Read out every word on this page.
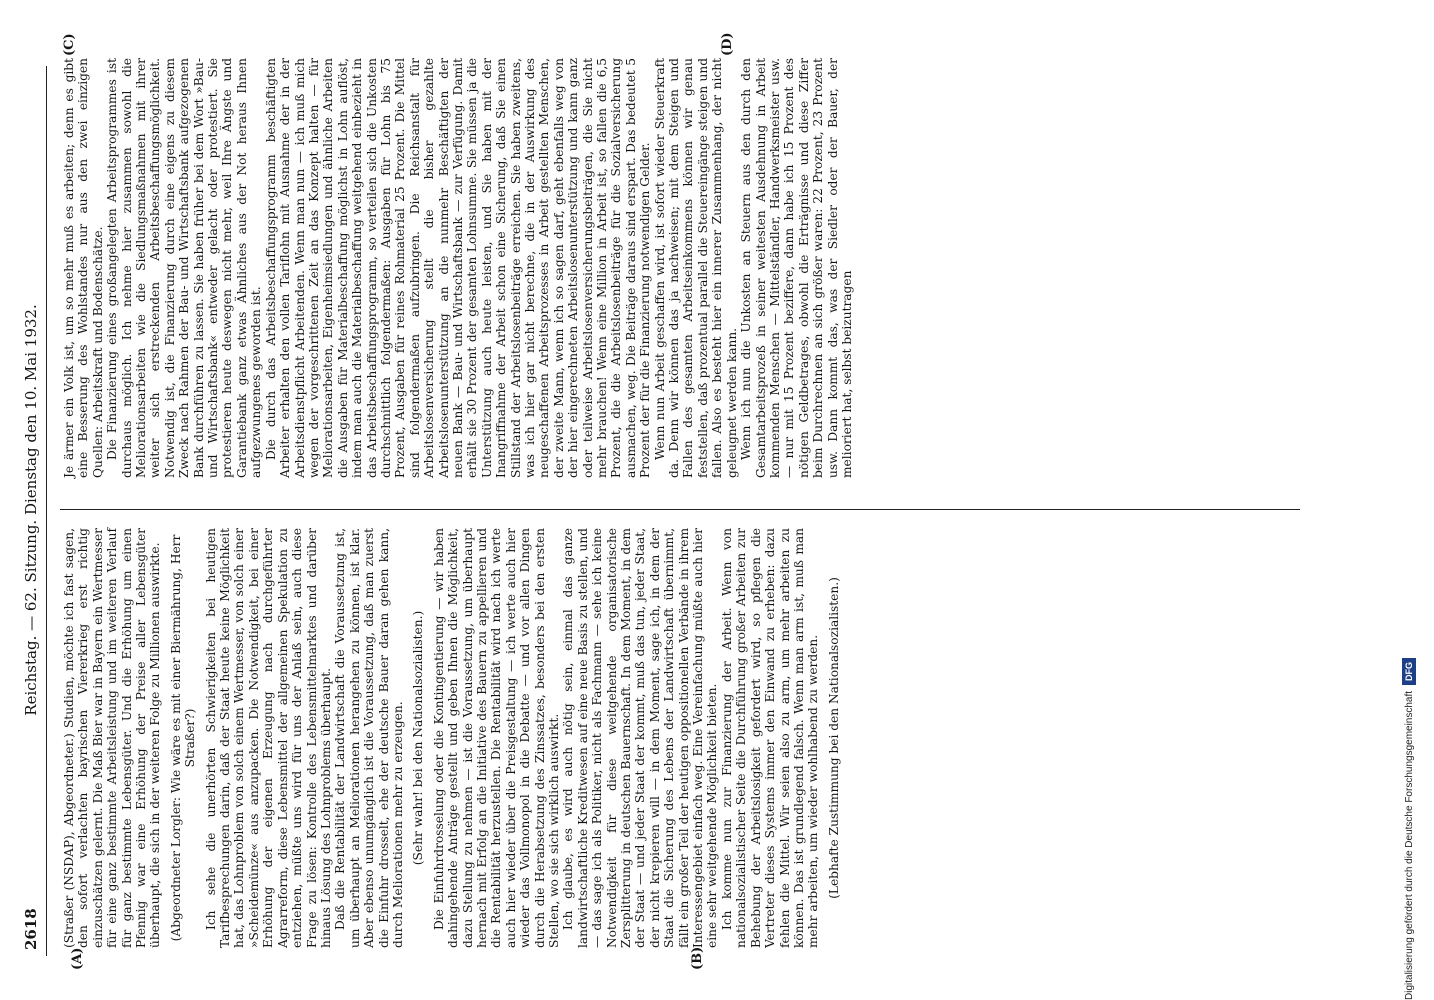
2618
Reichstag. — 62. Sitzung. Dienstag den 10. Mai 1932.
(A)	(B)
(C)	(D)

(Straßer (NSDAP), Abgeordneter.) Studien, möchte ich fast sagen, den sofort verlachten bayrischen Viererkrieg erst richtig einzuschätzen gelernt. Die Maß Bier war in Bayern ein Wertmesser für eine ganz bestimmte Arbeitsleistung und im weiteren Verlauf für ganz bestimmte Lebensgüter. Und die Erhöhung um einen Pfennig war eine Erhöhung der Preise aller Lebensgüter überhaupt, die sich in der weiteren Folge zu Millionen auswirkte. (Abgeordneter Lorgler: Wie wäre es mit einer Biermährung, Herr Straßer?) Ich sehe die unerhörten Schwierigkeiten bei heutigen Tarifbesprechungen darin, daß der Staat heute keine Möglichkeit hat, das Lohnproblem von solch einem Wertmesser, von solch einer »Scheidemünze« aus anzupacken. Die Notwendigkeit, bei einer Erhöhung der eigenen Erzeugung nach durchgeführter Agrarreform, diese Lebensmittel der allgemeinen Spekulation zu entziehen, müßte uns wird für uns der Anlaß sein, auch diese Frage zu lösen: Kontrolle des Lebensmittelmarktes und darüber hinaus Lösung des Lohnproblems überhaupt. Daß die Rentabilität der Landwirtschaft die Voraussetzung ist, um überhaupt an Meliorationen herangehen zu können, ist klar. Aber ebenso unumgänglich ist die Voraussetzung, daß man zuerst die Einfuhr drosselt, ehe der deutsche Bauer daran gehen kann, durch Meliorationen mehr zu erzeugen. (Sehr wahr! bei den Nationalsozialisten.) Die Einfuhrdrosselung oder die Kontingentierung — wir haben dahingehende Anträge gestellt und geben Ihnen die Möglichkeit, dazu Stellung zu nehmen — ist die Voraussetzung, um überhaupt hernach mit Erfolg an die Initiative des Bauern zu appellieren und die Rentabilität herzustellen. Die Rentabilität wird nach ich werte auch hier wieder über die Preisgestaltung — ich werte auch hier wieder das Vollmonopol in die Debatte — und vor allen Dingen durch die Herabsetzung des Zinssatzes, besonders bei den ersten Stellen, wo sie sich wirklich auswirkt. Ich glaube, es wird auch nötig sein, einmal das ganze landwirtschaftliche Kreditwesen auf eine neue Basis zu stellen, und — das sage ich als Politiker, nicht als Fachmann — sehe ich keine Notwendigkeit für diese weitgehende organisatorische Zersplitterung in deutschen Bauernschaft. In dem Moment, in dem der Staat — und jeder Staat der kommt, muß das tun, jeder Staat, der nicht krepieren will — in dem Moment, sage ich, in dem der Staat die Sicherung des Lebens der Landwirtschaft übernimmt, fällt ein großer Teil der heutigen oppositionellen Verbände in ihrem Interessengebiet einfach weg. Eine Vereinfachung müßte auch hier eine sehr weitgehende Möglichkeit bieten. Ich komme nun zur Finanzierung der Arbeit. Wenn von nationalsozialistischer Seite die Durchführung großer Arbeiten zur Behebung der Arbeitslosigkeit gefordert wird, so pflegen die Vertreter dieses Systems immer den Einwand zu erheben: dazu fehlen die Mittel. Wir seien also zu arm, um mehr arbeiten zu können. Das ist grundlegend falsch. Wenn man arm ist, muß man mehr arbeiten, um wieder wohlhabend zu werden. (Lebhafte Zustimmung bei den Nationalsozialisten.)

Je ärmer ein Volk ist, um so mehr muß es arbeiten; denn es gibt eine Besserung des Wohlstandes nur aus den zwei einzigen Quellen: Arbeitskraft und Bodenschätze. Die Finanzierung eines großangelegten Arbeitsprogrammes ist durchaus möglich. Ich nehme hier zusammen sowohl die Meliorationsarbeiten wie die Siedlungsmaßnahmen mit ihrer weiter sich erstreckenden Arbeitsbeschaffungsmöglichkeit. Notwendig ist, die Finanzierung durch eine eigens zu diesem Zweck nach Rahmen der Bau- und Wirtschaftsbank aufgezogenen Bank durchführen zu lassen. Sie haben früher bei dem Wort »Bau- und Wirtschaftsbank« entweder gelacht oder protestiert. Sie protestieren heute deswegen nicht mehr, weil Ihre Ängste und Garantiebank ganz etwas Ähnliches aus der Not heraus Ihnen aufgezwungenes geworden ist. Die durch das Arbeitsbeschaffungsprogramm beschäftigten Arbeiter erhalten den vollen Tariflohn mit Ausnahme der in der Arbeitsdienstpflicht Arbeitenden. Wenn man nun — ich muß mich wegen der vorgeschrittenen Zeit an das Konzept halten — für Meliorationsarbeiten, Eigenheimsiedlungen und ähnliche Arbeiten die Ausgaben für Materialbeschaffung möglichst in Lohn auflöst, indem man auch die Materialbeschaffung weitgehend einbezieht in das Arbeitsbeschaffungsprogramm, so verteilen sich die Unkosten durchschnittlich folgendermaßen: Ausgaben für Lohn bis 75 Prozent, Ausgaben für reines Rohmaterial 25 Prozent. Die Mittel sind folgendermaßen aufzubringen. Die Reichsanstalt für Arbeitslosenversicherung stellt die bisher gezahlte Arbeitslosenunterstützung an die nunmehr Beschäftigten der neuen Bank — Bau- und Wirtschaftsbank — zur Verfügung. Damit erhält sie 30 Prozent der gesamten Lohnsumme. Sie müssen ja die Unterstützung auch heute leisten, und Sie haben mit der Inangriffnahme der Arbeit schon eine Sicherung, daß Sie einen Stillstand der Arbeitslosenbeiträge erreichen. Sie haben zweitens, was ich hier gar nicht berechne, die in der Auswirkung des neugeschaffenen Arbeitsprozesses in Arbeit gestellten Menschen, der zweite Mann, wenn ich so sagen darf, geht ebenfalls weg von der hier eingerechneten Arbeitslosenunterstützung und kann ganz oder teilweise Arbeitslosenversicherungsbeiträgen, die Sie nicht mehr brauchen! Wenn eine Million in Arbeit ist, so fallen die 6,5 Prozent, die die Arbeitslosenbeiträge für die Sozialversicherung ausmachen, weg. Die Beiträge daraus sind erspart. Das bedeutet 5 Prozent der für die Finanzierung notwendigen Gelder. Wenn nun Arbeit geschaffen wird, ist sofort wieder Steuerkraft da. Denn wir können das ja nachweisen; mit dem Steigen und Fallen des gesamten Arbeitseinkommens können wir genau feststellen, daß prozentual parallel die Steuereingänge steigen und fallen. Also es besteht hier ein innerer Zusammenhang, der nicht geleugnet werden kann. Wenn ich nun die Unkosten an Steuern aus den durch den Gesamtarbeitsprozeß in seiner weitesten Ausdehnung in Arbeit kommenden Menschen — Mittelständler, Handwerksmeister usw. — nur mit 15 Prozent beziffere, dann habe ich 15 Prozent des nötigen Geldbetrages, obwohl die Erträgnisse und diese Ziffer beim Durchrechnen an sich größer waren: 22 Prozent, 23 Prozent usw. Dann kommt das, was der Siedler oder der Bauer, der melioriert hat, selbst beizutragen

Digitalisierung gefördert durch die Deutsche Forschungsgemeinschaft
DFG
